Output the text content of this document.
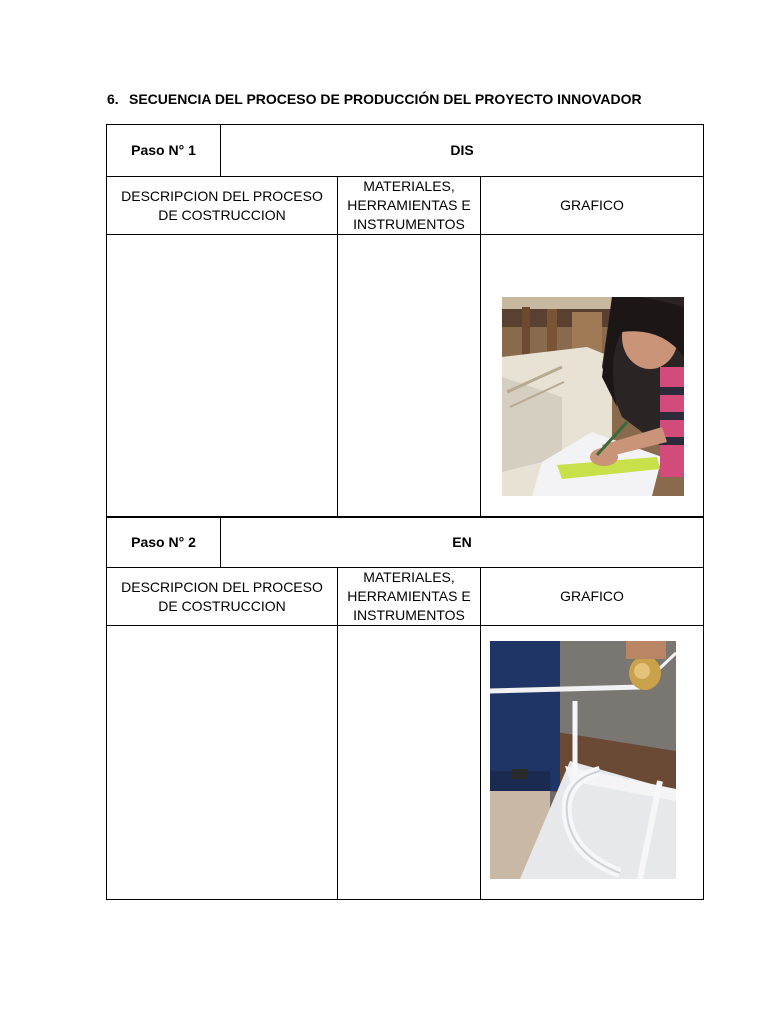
6. SECUENCIA DEL PROCESO DE PRODUCCIÓN DEL PROYECTO INNOVADOR
Paso N° 1	DIS		

DESCRIPCION DEL PROCESO DE COSTRUCCION		MATERIALES, HERRAMIENTAS E INSTRUMENTOS	GRAFICO

Paso N° 2	EN		

DESCRIPCION DEL PROCESO DE COSTRUCCION		MATERIALES, HERRAMIENTAS E INSTRUMENTOS	GRAFICO
